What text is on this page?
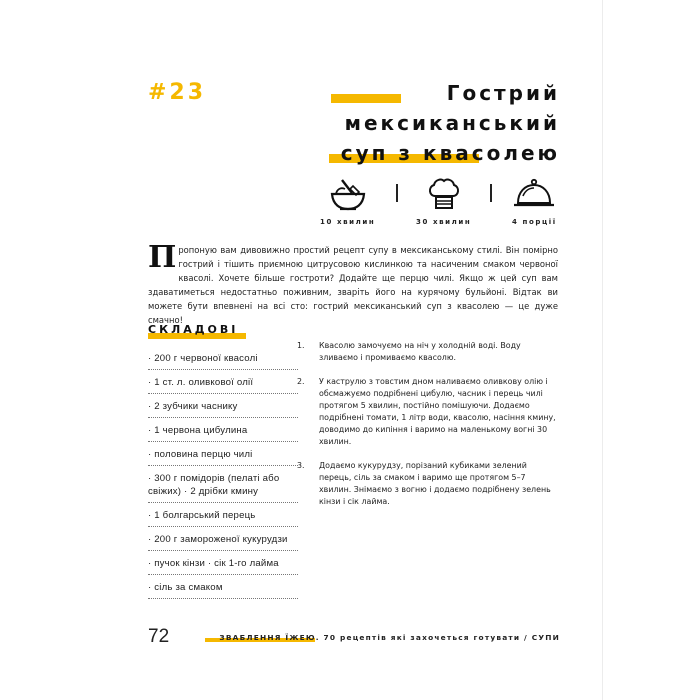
#23	Гострий
мексиканський
суп з квасолею
10 хвилин	30 хвилин	4 порції

П ропоную вам дивовижно простий рецепт супу в мексиканському стилі. Він помірно гострий і тішить приємною цитрусовою кислинкою та насиченим смаком червоної квасолі. Хочете більше гостроти? Додайте ще перцю чилі. Якщо ж цей суп вам здаватиметься недостатньо поживним, зваріть його на курячому бульйоні. Відтак ви можете бути впевнені на всі сто: гострий мексиканський суп з квасолею — це дуже смачно!

СКЛАДОВІ
· 200 г червоної квасолі
· 1 ст. л. оливкової олії
· 2 зубчики часнику
· 1 червона цибулина
· половина перцю чилі
· 300 г помідорів (пелаті або свіжих) · 2 дрібки кмину
· 1 болгарський перець
· 200 г замороженої кукурудзи
· пучок кінзи · сік 1-го лайма
· сіль за смаком
1. Квасолю замочуємо на ніч у холодній воді. Воду зливаємо і промиваємо квасолю.
2. У каструлю з товстим дном наливаємо оливкову олію і обсмажуємо подрібнені цибулю, часник і перець чилі протягом 5 хвилин, постійно помішуючи. Додаємо подрібнені томати, 1 літр води, квасолю, насіння кмину, доводимо до кипіння і варимо на маленькому вогні 30 хвилин.
3. Додаємо кукурудзу, порізаний кубиками зелений перець, сіль за смаком і варимо ще протягом 5–7 хвилин. Знімаємо з вогню і додаємо подрібнену зелень кінзи і сік лайма.
72	ЗВАБЛЕННЯ ЇЖЕЮ. 70 рецептів які захочеться готувати / СУПИ
